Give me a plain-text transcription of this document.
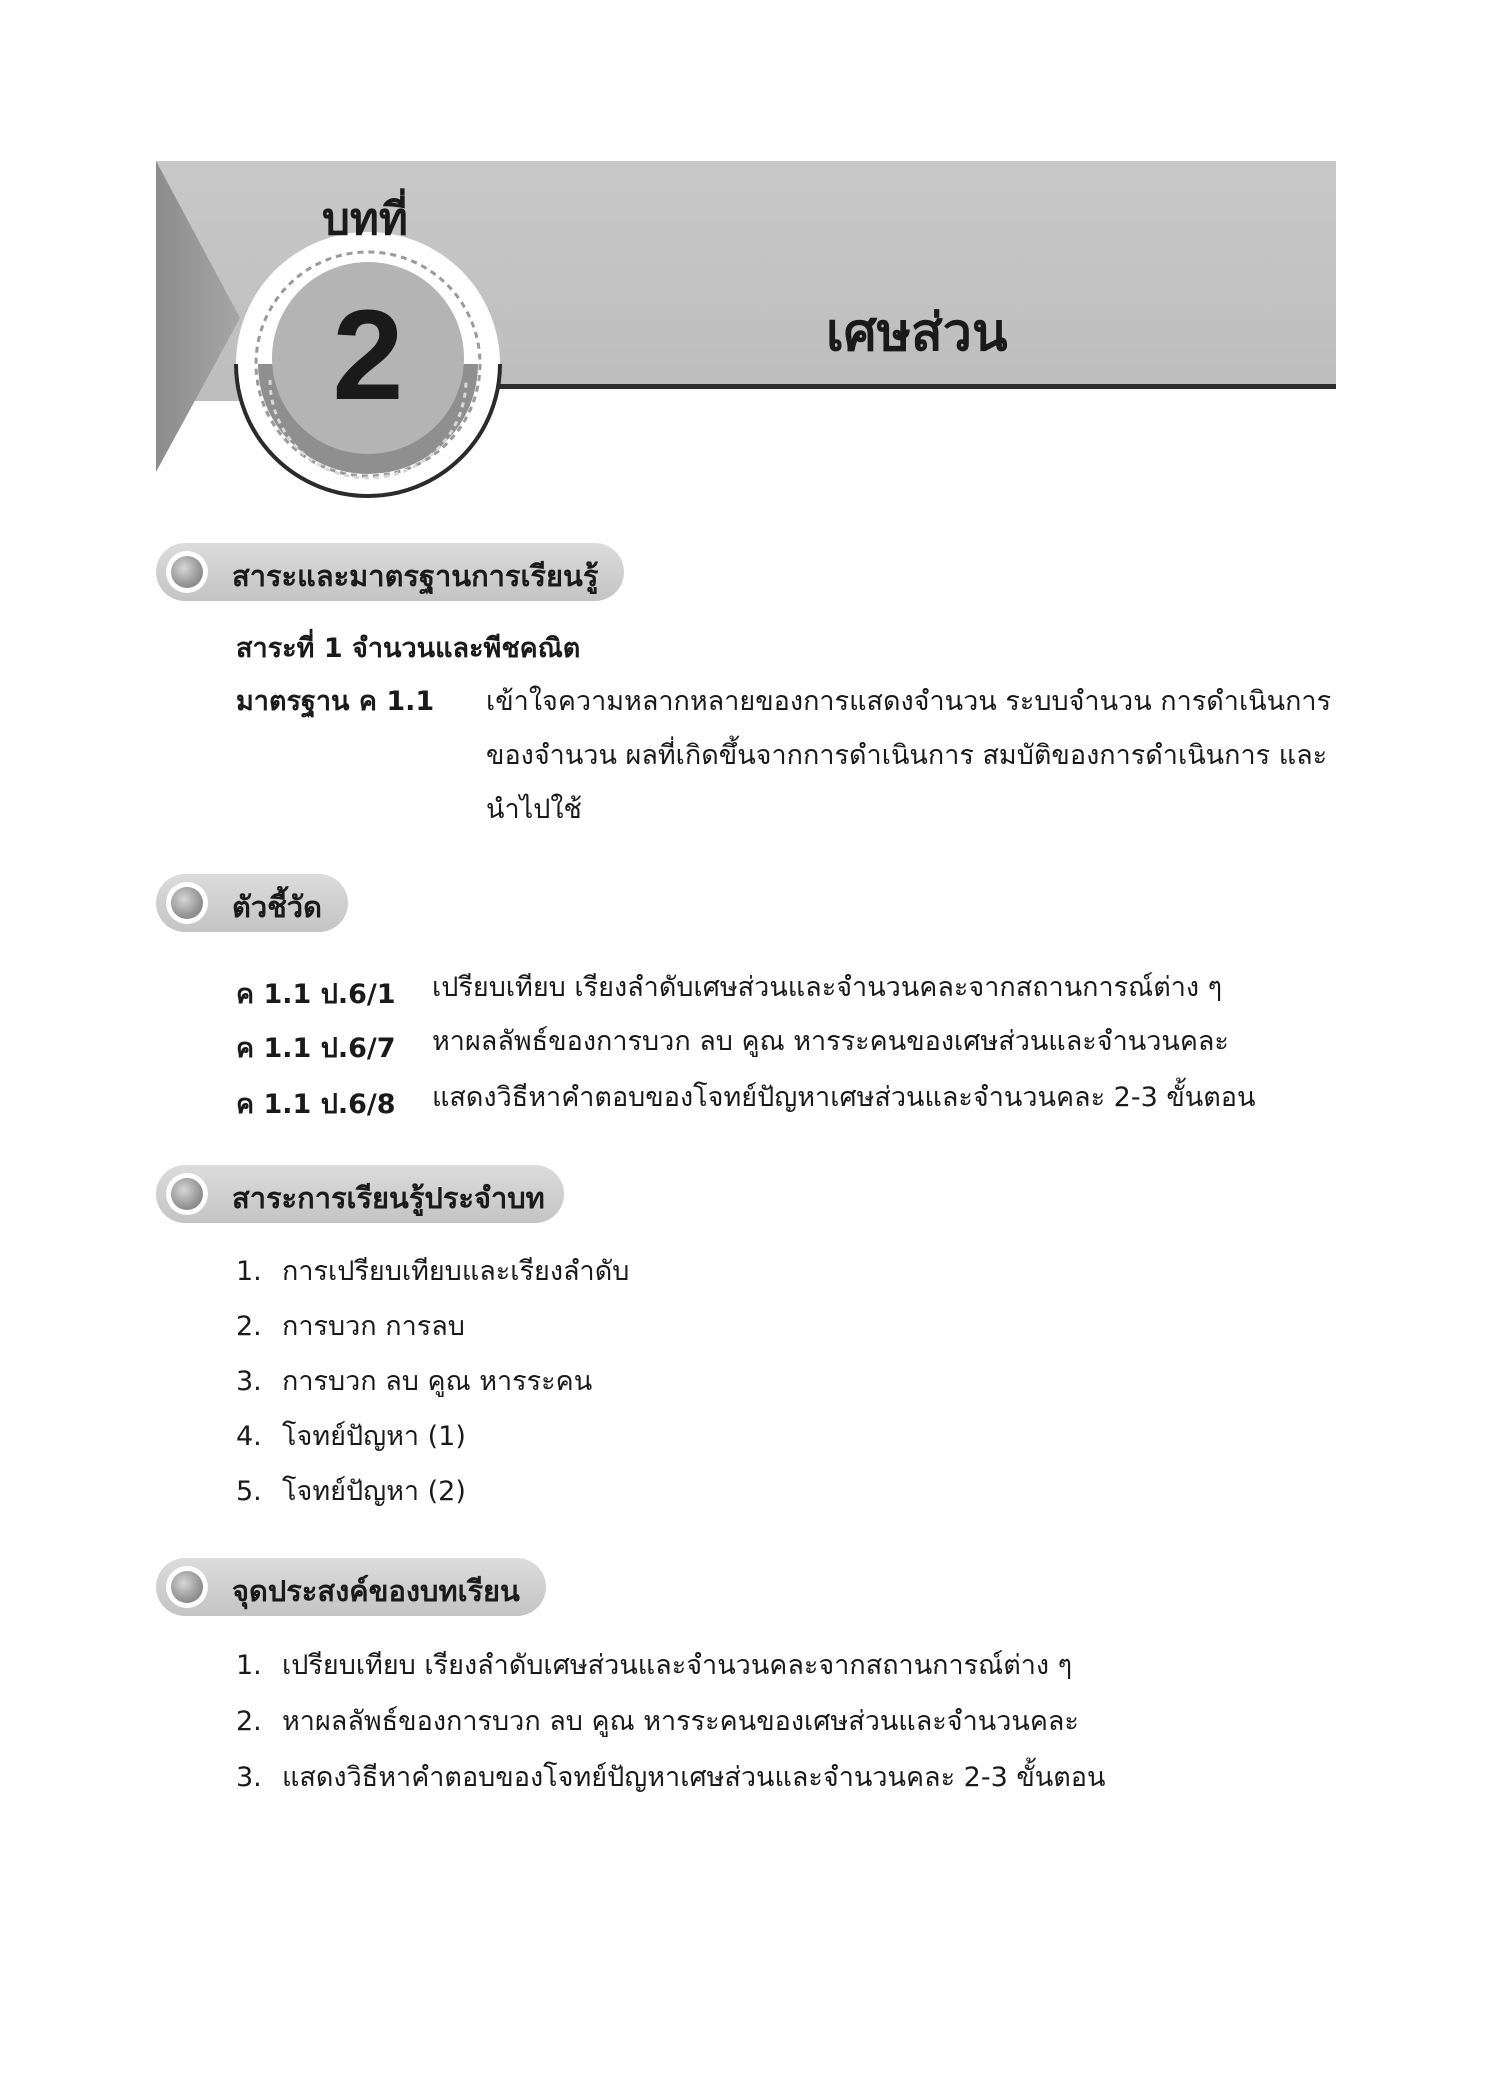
บทที่
2	เศษส่วน
สาระและมาตรฐานการเรียนรู้
สาระที่ 1 จำนวนและพีชคณิต
มาตรฐาน ค 1.1 เข้าใจความหลากหลายของการแสดงจำนวน ระบบจำนวน การดำเนินการ
ของจำนวน ผลที่เกิดขึ้นจากการดำเนินการ สมบัติของการดำเนินการ และ
นำไปใช้
ตัวชี้วัด
ค 1.1 ป.6/1 เปรียบเทียบ เรียงลำดับเศษส่วนและจำนวนคละจากสถานการณ์ต่าง ๆ
ค 1.1 ป.6/7 หาผลลัพธ์ของการบวก ลบ คูณ หารระคนของเศษส่วนและจำนวนคละ
ค 1.1 ป.6/8 แสดงวิธีหาคำตอบของโจทย์ปัญหาเศษส่วนและจำนวนคละ 2-3 ขั้นตอน
สาระการเรียนรู้ประจำบท
1. การเปรียบเทียบและเรียงลำดับ
2. การบวก การลบ
3. การบวก ลบ คูณ หารระคน
4. โจทย์ปัญหา (1)
5. โจทย์ปัญหา (2)
จุดประสงค์ของบทเรียน
1. เปรียบเทียบ เรียงลำดับเศษส่วนและจำนวนคละจากสถานการณ์ต่าง ๆ
2. หาผลลัพธ์ของการบวก ลบ คูณ หารระคนของเศษส่วนและจำนวนคละ
3. แสดงวิธีหาคำตอบของโจทย์ปัญหาเศษส่วนและจำนวนคละ 2-3 ขั้นตอน
